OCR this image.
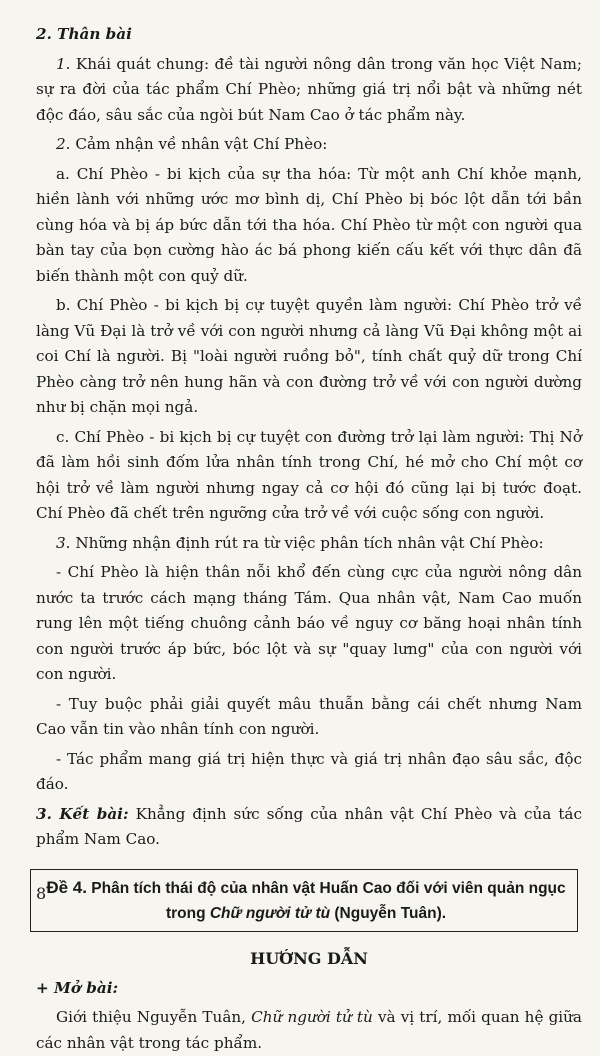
2. Thân bài

1. Khái quát chung: đề tài người nông dân trong văn học Việt Nam; sự ra đời của tác phẩm Chí Phèo; những giá trị nổi bật và những nét độc đáo, sâu sắc của ngòi bút Nam Cao ở tác phẩm này.

2. Cảm nhận về nhân vật Chí Phèo:

a. Chí Phèo - bi kịch của sự tha hóa: Từ một anh Chí khỏe mạnh, hiền lành với những ước mơ bình dị, Chí Phèo bị bóc lột dẫn tới bần cùng hóa và bị áp bức dẫn tới tha hóa. Chí Phèo từ một con người qua bàn tay của bọn cường hào ác bá phong kiến cấu kết với thực dân đã biến thành một con quỷ dữ.

b. Chí Phèo - bi kịch bị cự tuyệt quyền làm người: Chí Phèo trở về làng Vũ Đại là trở về với con người nhưng cả làng Vũ Đại không một ai coi Chí là người. Bị "loài người ruồng bỏ", tính chất quỷ dữ trong Chí Phèo càng trở nên hung hãn và con đường trở về với con người dường như bị chặn mọi ngả.

c. Chí Phèo - bi kịch bị cự tuyệt con đường trở lại làm người: Thị Nở đã làm hồi sinh đốm lửa nhân tính trong Chí, hé mở cho Chí một cơ hội trở về làm người nhưng ngay cả cơ hội đó cũng lại bị tước đoạt. Chí Phèo đã chết trên ngưỡng cửa trở về với cuộc sống con người.

3. Những nhận định rút ra từ việc phân tích nhân vật Chí Phèo:

- Chí Phèo là hiện thân nỗi khổ đến cùng cực của người nông dân nước ta trước cách mạng tháng Tám. Qua nhân vật, Nam Cao muốn rung lên một tiếng chuông cảnh báo về nguy cơ băng hoại nhân tính con người trước áp bức, bóc lột và sự "quay lưng" của con người với con người.

- Tuy buộc phải giải quyết mâu thuẫn bằng cái chết nhưng Nam Cao vẫn tin vào nhân tính con người.

- Tác phẩm mang giá trị hiện thực và giá trị nhân đạo sâu sắc, độc đáo.

3. Kết bài: Khẳng định sức sống của nhân vật Chí Phèo và của tác phẩm Nam Cao.

Đề 4. Phân tích thái độ của nhân vật Huấn Cao đối với viên quản ngục trong Chữ người tử tù (Nguyễn Tuân).

HƯỚNG DẪN

+ Mở bài:

Giới thiệu Nguyễn Tuân, Chữ người tử tù và vị trí, mối quan hệ giữa các nhân vật trong tác phẩm.

8
